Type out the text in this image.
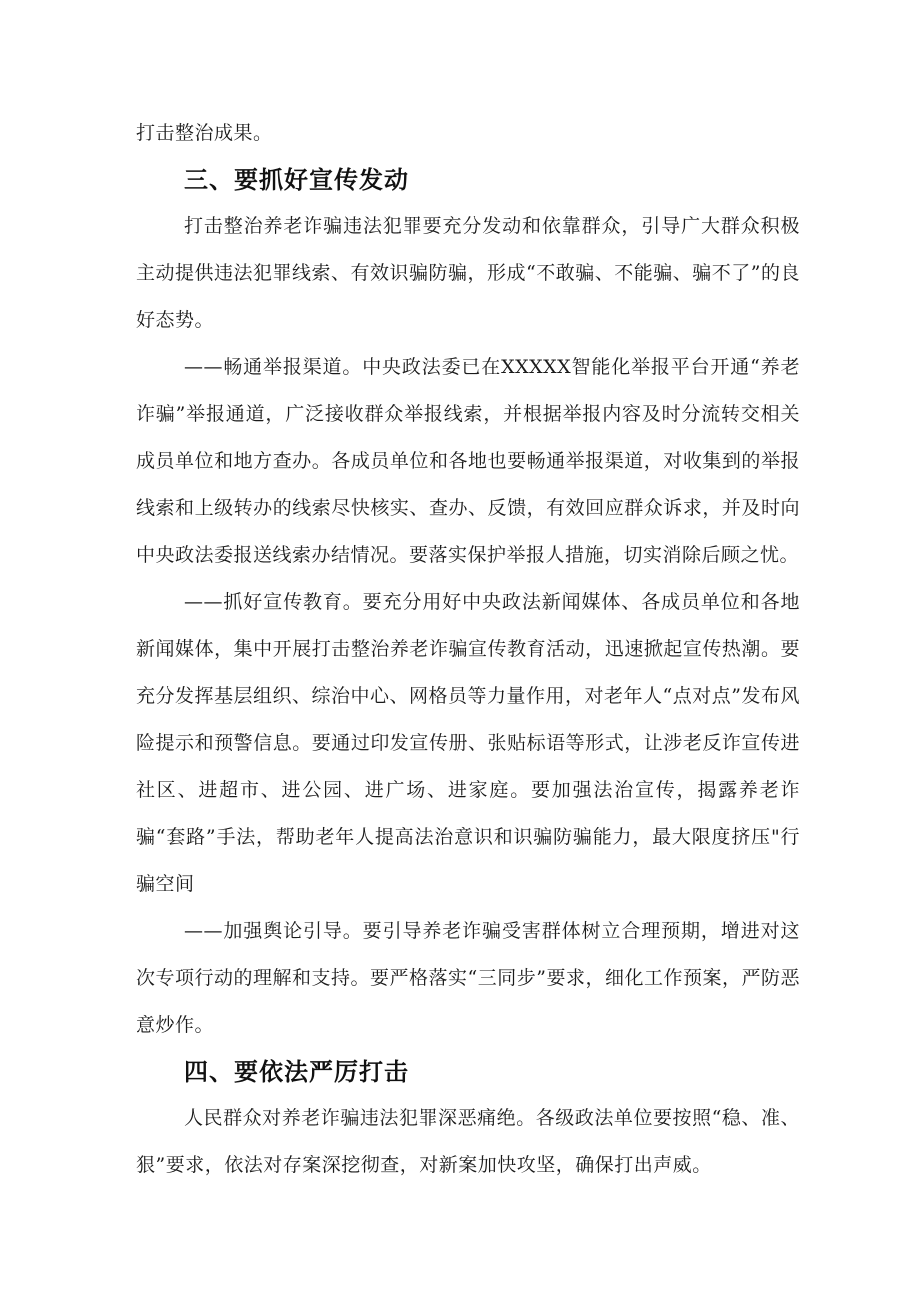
打击整治成果。

三、要抓好宣传发动

打击整治养老诈骗违法犯罪要充分发动和依靠群众，引导广大群众积极主动提供违法犯罪线索、有效识骗防骗，形成“不敢骗、不能骗、骗不了”的良好态势。

——畅通举报渠道。中央政法委已在XXXXX智能化举报平台开通“养老诈骗”举报通道，广泛接收群众举报线索，并根据举报内容及时分流转交相关成员单位和地方查办。各成员单位和各地也要畅通举报渠道，对收集到的举报线索和上级转办的线索尽快核实、查办、反馈，有效回应群众诉求，并及时向中央政法委报送线索办结情况。要落实保护举报人措施，切实消除后顾之忧。

——抓好宣传教育。要充分用好中央政法新闻媒体、各成员单位和各地新闻媒体，集中开展打击整治养老诈骗宣传教育活动，迅速掀起宣传热潮。要充分发挥基层组织、综治中心、网格员等力量作用，对老年人“点对点”发布风险提示和预警信息。要通过印发宣传册、张贴标语等形式，让涉老反诈宣传进社区、进超市、进公园、进广场、进家庭。要加强法治宣传，揭露养老诈骗“套路”手法，帮助老年人提高法治意识和识骗防骗能力，最大限度挤压"行骗空间

——加强舆论引导。要引导养老诈骗受害群体树立合理预期，增进对这次专项行动的理解和支持。要严格落实“三同步”要求，细化工作预案，严防恶意炒作。

四、要依法严厉打击

人民群众对养老诈骗违法犯罪深恶痛绝。各级政法单位要按照“稳、准、狠”要求，依法对存案深挖彻查，对新案加快攻坚，确保打出声威。
